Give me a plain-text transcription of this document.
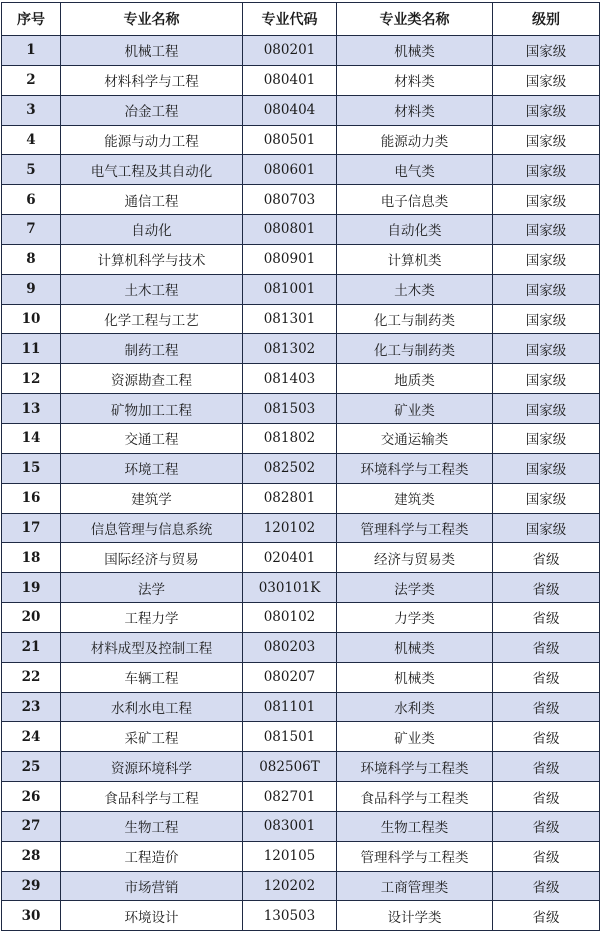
序号	专业名称	专业代码	专业类名称	级别
1	机械工程	080201	机械类	国家级
2	材料科学与工程	080401	材料类	国家级
3	冶金工程	080404	材料类	国家级
4	能源与动力工程	080501	能源动力类	国家级
5	电气工程及其自动化	080601	电气类	国家级
6	通信工程	080703	电子信息类	国家级
7	自动化	080801	自动化类	国家级
8	计算机科学与技术	080901	计算机类	国家级
9	土木工程	081001	土木类	国家级
10	化学工程与工艺	081301	化工与制药类	国家级
11	制药工程	081302	化工与制药类	国家级
12	资源勘查工程	081403	地质类	国家级
13	矿物加工工程	081503	矿业类	国家级
14	交通工程	081802	交通运输类	国家级
15	环境工程	082502	环境科学与工程类	国家级
16	建筑学	082801	建筑类	国家级
17	信息管理与信息系统	120102	管理科学与工程类	国家级
18	国际经济与贸易	020401	经济与贸易类	省级
19	法学	030101K	法学类	省级
20	工程力学	080102	力学类	省级
21	材料成型及控制工程	080203	机械类	省级
22	车辆工程	080207	机械类	省级
23	水利水电工程	081101	水利类	省级
24	采矿工程	081501	矿业类	省级
25	资源环境科学	082506T	环境科学与工程类	省级
26	食品科学与工程	082701	食品科学与工程类	省级
27	生物工程	083001	生物工程类	省级
28	工程造价	120105	管理科学与工程类	省级
29	市场营销	120202	工商管理类	省级
30	环境设计	130503	设计学类	省级
